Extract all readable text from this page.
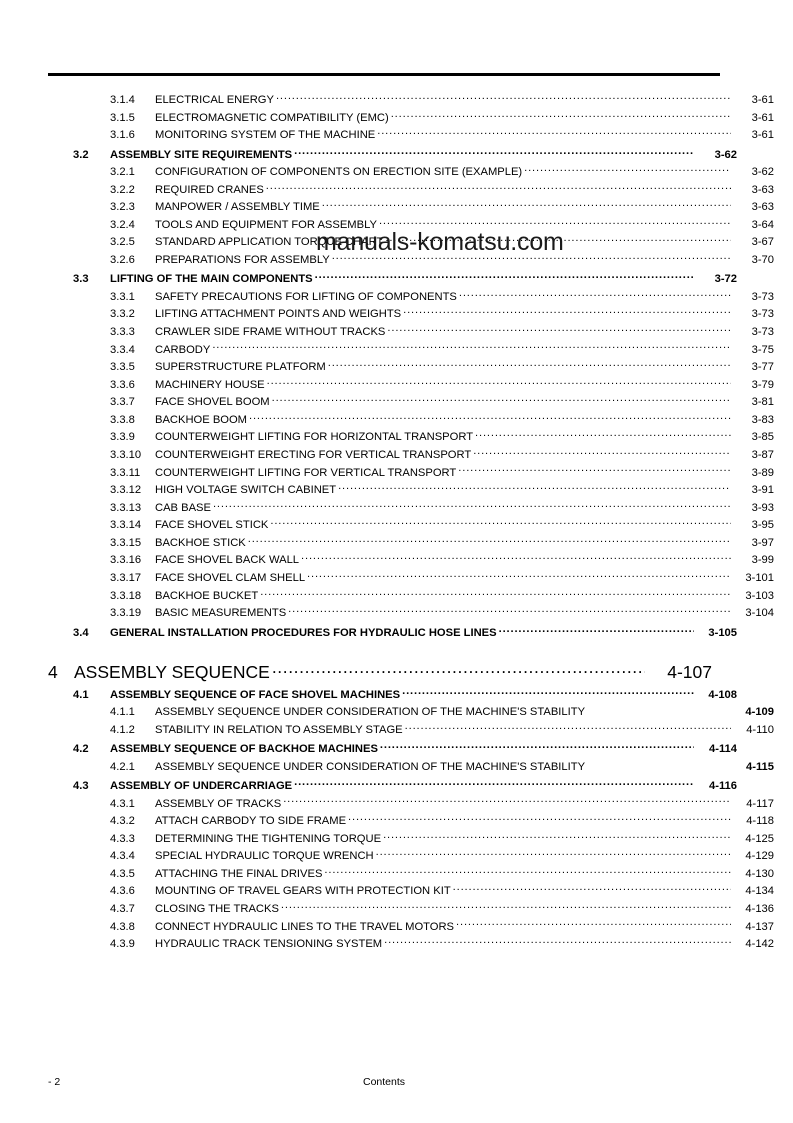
3.1.4	ELECTRICAL ENERGY .....	3-61
3.1.5	ELECTROMAGNETIC COMPATIBILITY (EMC) .....	3-61
3.1.6	MONITORING SYSTEM OF THE MACHINE .....	3-61
3.2	ASSEMBLY SITE REQUIREMENTS .....	3-62
3.2.1	CONFIGURATION OF COMPONENTS ON ERECTION SITE (EXAMPLE) .....	3-62
3.2.2	REQUIRED CRANES .....	3-63
3.2.3	MANPOWER / ASSEMBLY TIME .....	3-63
3.2.4	TOOLS AND EQUIPMENT FOR ASSEMBLY .....	3-64
3.2.5	STANDARD APPLICATION TORQUE CHART .....	3-67
3.2.6	PREPARATIONS FOR ASSEMBLY .....	3-70
3.3	LIFTING OF THE MAIN COMPONENTS .....	3-72
3.3.1	SAFETY PRECAUTIONS FOR LIFTING OF COMPONENTS .....	3-73
3.3.2	LIFTING ATTACHMENT POINTS AND WEIGHTS .....	3-73
3.3.3	CRAWLER SIDE FRAME WITHOUT TRACKS .....	3-73
3.3.4	CARBODY .....	3-75
3.3.5	SUPERSTRUCTURE PLATFORM .....	3-77
3.3.6	MACHINERY HOUSE .....	3-79
3.3.7	FACE SHOVEL BOOM .....	3-81
3.3.8	BACKHOE BOOM .....	3-83
3.3.9	COUNTERWEIGHT LIFTING FOR HORIZONTAL TRANSPORT .....	3-85
3.3.10	COUNTERWEIGHT ERECTING FOR VERTICAL TRANSPORT .....	3-87
3.3.11	COUNTERWEIGHT LIFTING FOR VERTICAL TRANSPORT .....	3-89
3.3.12	HIGH VOLTAGE SWITCH CABINET .....	3-91
3.3.13	CAB BASE .....	3-93
3.3.14	FACE SHOVEL STICK .....	3-95
3.3.15	BACKHOE STICK .....	3-97
3.3.16	FACE SHOVEL BACK WALL .....	3-99
3.3.17	FACE SHOVEL CLAM SHELL .....	3-101
3.3.18	BACKHOE BUCKET .....	3-103
3.3.19	BASIC MEASUREMENTS .....	3-104
3.4	GENERAL INSTALLATION PROCEDURES FOR HYDRAULIC HOSE LINES .....	3-105
4 ASSEMBLY SEQUENCE .....	4-107
4.1	ASSEMBLY SEQUENCE OF FACE SHOVEL MACHINES .....	4-108
4.1.1	ASSEMBLY SEQUENCE UNDER CONSIDERATION OF THE MACHINE'S STABILITY	4-109
4.1.2	STABILITY IN RELATION TO ASSEMBLY STAGE .....	4-110
4.2	ASSEMBLY SEQUENCE OF BACKHOE MACHINES .....	4-114
4.2.1	ASSEMBLY SEQUENCE UNDER CONSIDERATION OF THE MACHINE'S STABILITY	4-115
4.3	ASSEMBLY OF UNDERCARRIAGE .....	4-116
4.3.1	ASSEMBLY OF TRACKS .....	4-117
4.3.2	ATTACH CARBODY TO SIDE FRAME .....	4-118
4.3.3	DETERMINING THE TIGHTENING TORQUE .....	4-125
4.3.4	SPECIAL HYDRAULIC TORQUE WRENCH .....	4-129
4.3.5	ATTACHING THE FINAL DRIVES .....	4-130
4.3.6	MOUNTING OF TRAVEL GEARS WITH PROTECTION KIT .....	4-134
4.3.7	CLOSING THE TRACKS .....	4-136
4.3.8	CONNECT HYDRAULIC LINES TO THE TRAVEL MOTORS .....	4-137
4.3.9	HYDRAULIC TRACK TENSIONING SYSTEM .....	4-142
manuals-komatsu.com
- 2	Contents
